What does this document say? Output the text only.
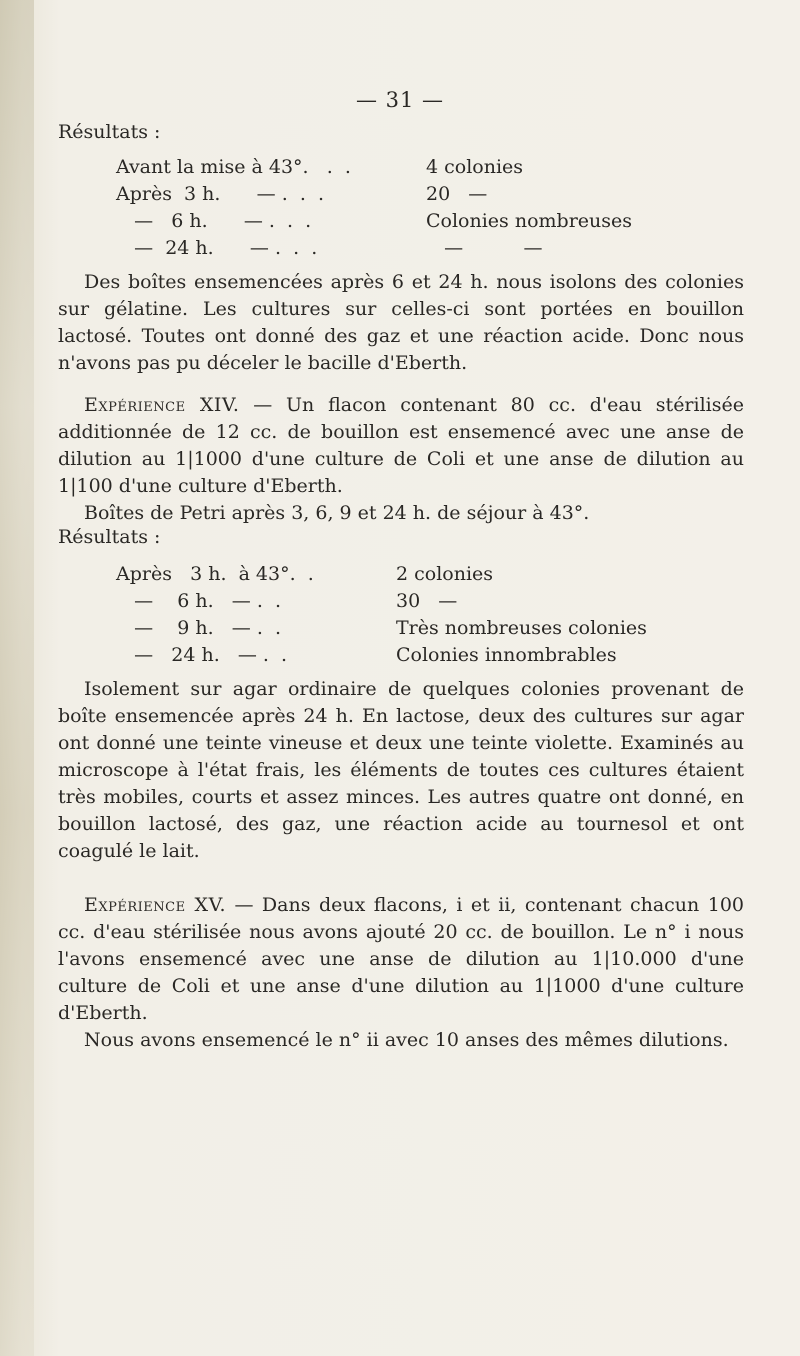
— 31 —
Résultats :
Avant la mise à 43°.   .  .	4 colonies
Après  3 h.      — .  .  .	20   —
—   6 h.      — .  .  .	Colonies nombreuses
—  24 h.      — .  .  .	—          —

Des boîtes ensemencées après 6 et 24 h. nous isolons des colonies sur gélatine. Les cultures sur celles-ci sont portées en bouillon lactosé. Toutes ont donné des gaz et une réaction acide. Donc nous n'avons pas pu déceler le bacille d'Eberth.

Expérience XIV. — Un flacon contenant 80 cc. d'eau stérilisée additionnée de 12 cc. de bouillon est ensemencé avec une anse de dilution au 1|1000 d'une culture de Coli et une anse de dilution au 1|100 d'une culture d'Eberth.

Boîtes de Petri après 3, 6, 9 et 24 h. de séjour à 43°.

Résultats :
Après   3 h.  à 43°.  .	2 colonies
—    6 h.   — .  .	30   —
—    9 h.   — .  .	Très nombreuses colonies
—   24 h.   — .  .	Colonies innombrables

Isolement sur agar ordinaire de quelques colonies provenant de boîte ensemencée après 24 h. En lactose, deux des cultures sur agar ont donné une teinte vineuse et deux une teinte violette. Examinés au microscope à l'état frais, les éléments de toutes ces cultures étaient très mobiles, courts et assez minces. Les autres quatre ont donné, en bouillon lactosé, des gaz, une réaction acide au tournesol et ont coagulé le lait.

Expérience XV. — Dans deux flacons, i et ii, contenant chacun 100 cc. d'eau stérilisée nous avons ajouté 20 cc. de bouillon. Le n° i nous l'avons ensemencé avec une anse de dilution au 1|10.000 d'une culture de Coli et une anse d'une dilution au 1|1000 d'une culture d'Eberth.

Nous avons ensemencé le n° ii avec 10 anses des mêmes dilutions.
